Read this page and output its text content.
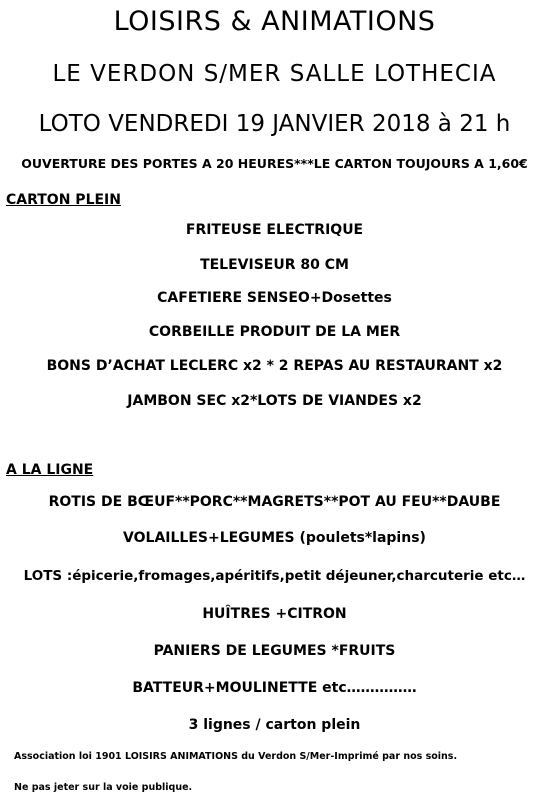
LOISIRS & ANIMATIONS
LE VERDON S/MER SALLE LOTHECIA
LOTO VENDREDI 19 JANVIER 2018 à 21 h
OUVERTURE DES PORTES A 20 HEURES***LE CARTON TOUJOURS A 1,60€
CARTON PLEIN
FRITEUSE ELECTRIQUE
TELEVISEUR 80 CM
CAFETIERE SENSEO+Dosettes
CORBEILLE PRODUIT DE LA MER
BONS D’ACHAT LECLERC x2 * 2 REPAS AU RESTAURANT x2
JAMBON SEC x2*LOTS DE VIANDES x2
A LA LIGNE
ROTIS DE BŒUF**PORC**MAGRETS**POT AU FEU**DAUBE
VOLAILLES+LEGUMES (poulets*lapins)
LOTS :épicerie,fromages,apéritifs,petit déjeuner,charcuterie etc…
HUÎTRES +CITRON
PANIERS DE LEGUMES *FRUITS
BATTEUR+MOULINETTE etc……………
3 lignes / carton plein
Association loi 1901 LOISIRS ANIMATIONS du Verdon S/Mer-Imprimé par nos soins.
Ne pas jeter sur la voie publique.
